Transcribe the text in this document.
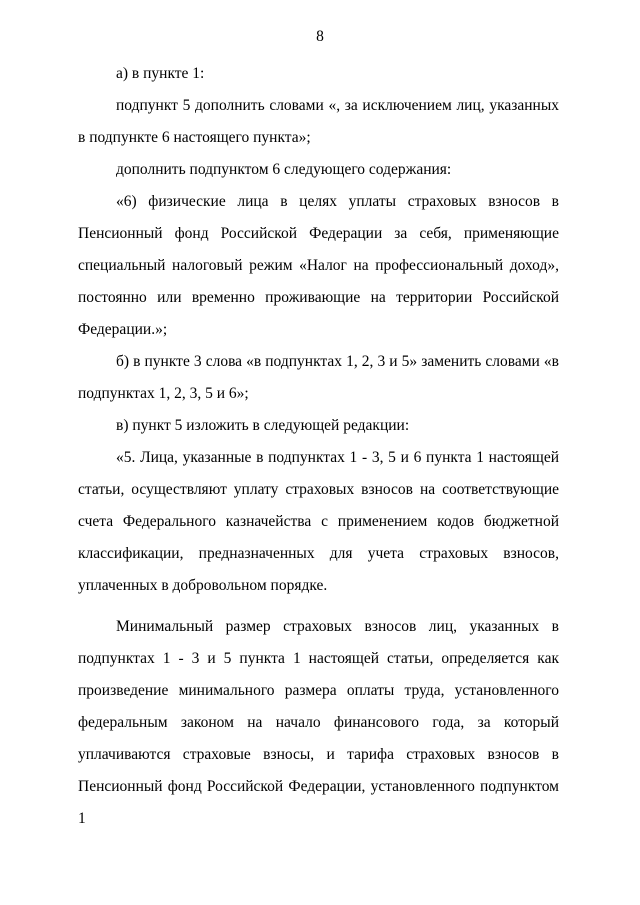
8

а) в пункте 1:

подпункт 5 дополнить словами «, за исключением лиц, указанных в подпункте 6 настоящего пункта»;

дополнить подпунктом 6 следующего содержания:

«6) физические лица в целях уплаты страховых взносов в Пенсионный фонд Российской Федерации за себя, применяющие специальный налоговый режим «Налог на профессиональный доход», постоянно или временно проживающие на территории Российской Федерации.»;

б) в пункте 3 слова «в подпунктах 1, 2, 3 и 5» заменить словами «в подпунктах 1, 2, 3, 5 и 6»;

в) пункт 5 изложить в следующей редакции:

«5. Лица, указанные в подпунктах 1 - 3, 5 и 6 пункта 1 настоящей статьи, осуществляют уплату страховых взносов на соответствующие счета Федерального казначейства с применением кодов бюджетной классификации, предназначенных для учета страховых взносов, уплаченных в добровольном порядке.

Минимальный размер страховых взносов лиц, указанных в подпунктах 1 - 3 и 5 пункта 1 настоящей статьи, определяется как произведение минимального размера оплаты труда, установленного федеральным законом на начало финансового года, за который уплачиваются страховые взносы, и тарифа страховых взносов в Пенсионный фонд Российской Федерации, установленного подпунктом 1
